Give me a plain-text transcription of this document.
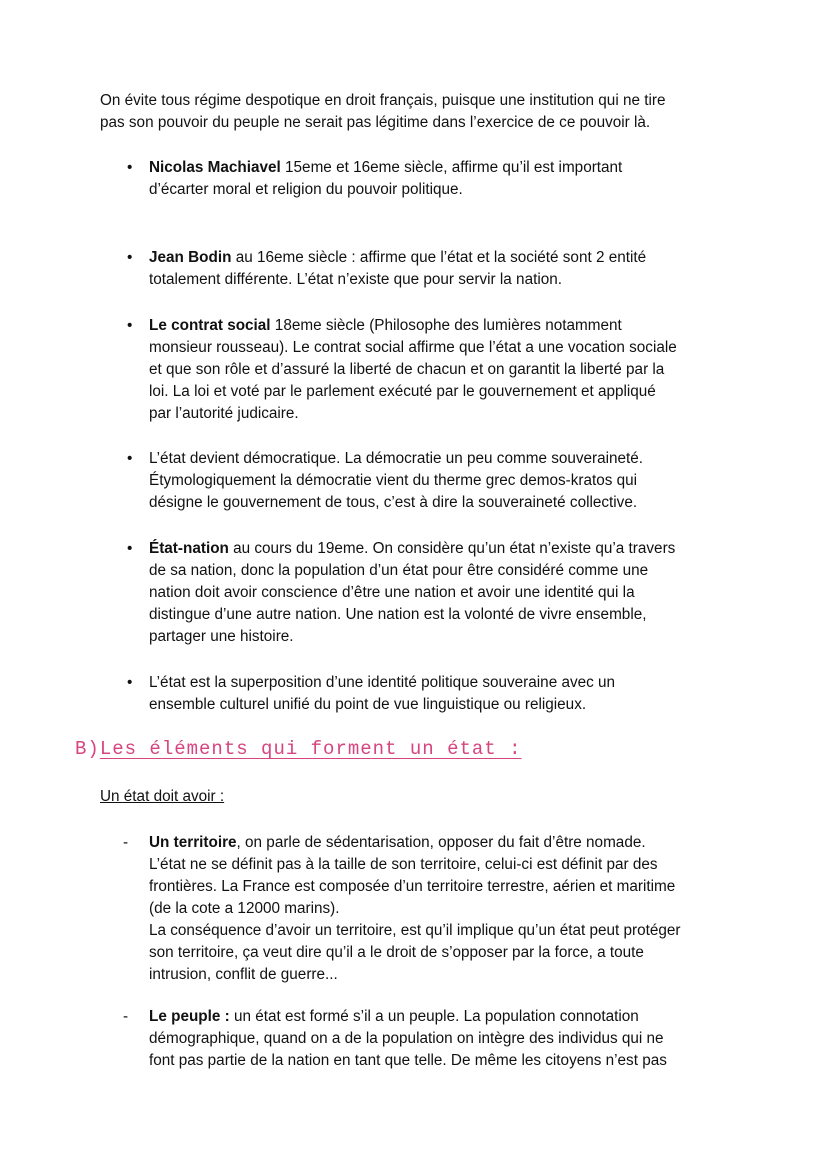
On évite tous régime despotique en droit français, puisque une institution qui ne tire
pas son pouvoir du peuple ne serait pas légitime dans l’exercice de ce pouvoir là.
• Nicolas Machiavel 15eme et 16eme siècle, affirme qu’il est important
d’écarter moral et religion du pouvoir politique.
• Jean Bodin au 16eme siècle : affirme que l’état et la société sont 2 entité
totalement différente. L’état n’existe que pour servir la nation.
• Le contrat social 18eme siècle (Philosophe des lumières notamment
monsieur rousseau). Le contrat social affirme que l’état a une vocation sociale
et que son rôle et d’assuré la liberté de chacun et on garantit la liberté par la
loi. La loi et voté par le parlement exécuté par le gouvernement et appliqué
par l’autorité judicaire.
• L’état devient démocratique. La démocratie un peu comme souveraineté.
Étymologiquement la démocratie vient du therme grec demos-kratos qui
désigne le gouvernement de tous, c’est à dire la souveraineté collective.
• État-nation au cours du 19eme. On considère qu’un état n’existe qu’a travers
de sa nation, donc la population d’un état pour être considéré comme une
nation doit avoir conscience d’être une nation et avoir une identité qui la
distingue d’une autre nation. Une nation est la volonté de vivre ensemble,
partager une histoire.
• L’état est la superposition d’une identité politique souveraine avec un
ensemble culturel unifié du point de vue linguistique ou religieux.
B)Les éléments qui forment un état :
Un état doit avoir :
- Un territoire, on parle de sédentarisation, opposer du fait d’être nomade.
L’état ne se définit pas à la taille de son territoire, celui-ci est définit par des
frontières. La France est composée d’un territoire terrestre, aérien et maritime
(de la cote a 12000 marins).
La conséquence d’avoir un territoire, est qu’il implique qu’un état peut protéger
son territoire, ça veut dire qu’il a le droit de s’opposer par la force, a toute
intrusion, conflit de guerre...
- Le peuple : un état est formé s’il a un peuple. La population connotation
démographique, quand on a de la population on intègre des individus qui ne
font pas partie de la nation en tant que telle. De même les citoyens n’est pas
